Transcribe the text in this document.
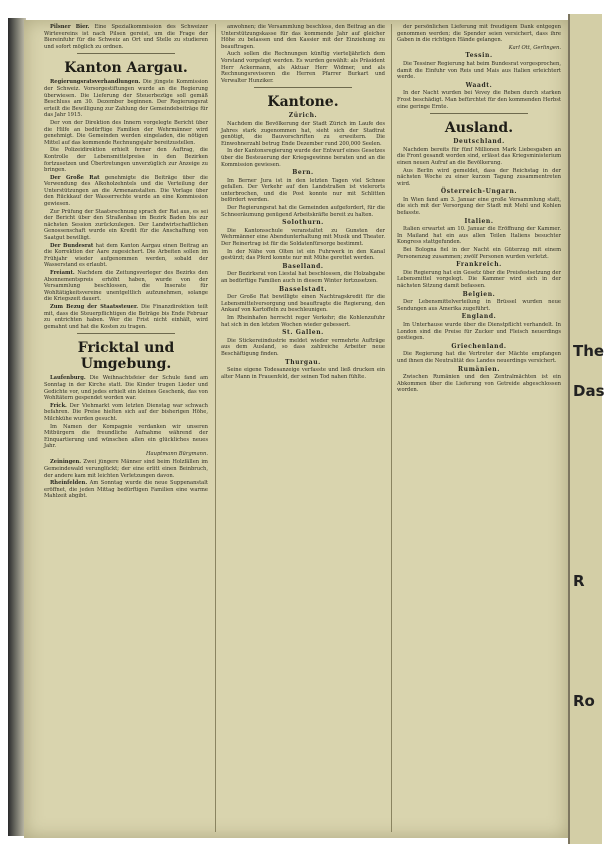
Pilsner Bier. Eine Spezialkommission des Schweizer Wirtevereins ist nach Pilsen gereist, um die Frage der Biereinfuhr für die Schweiz an Ort und Stelle zu studieren und sofort möglich zu ordnen.

Kanton Aargau.

Regierungsratsverhandlungen. Die jüngste Kommission der Schweiz. Vorsorgestiftungen wurde an die Regierung überwiesen. Die Lieferung der Steuerbezüge soll gemäß Beschluss am 30. Dezember beginnen. Der Regierungsrat erteilt die Bewilligung zur Zahlung der Gemeindebeiträge für das Jahr 1915.

Der von der Direktion des Innern vorgelegte Bericht über die Hilfe an bedürftige Familien der Wehrmänner wird genehmigt. Die Gemeinden werden eingeladen, die nötigen Mittel auf das kommende Rechnungsjahr bereitzustellen.

Die Polizeidirektion erhielt ferner den Auftrag, die Kontrolle der Lebensmittelpreise in den Bezirken fortzusetzen und Übertretungen unverzüglich zur Anzeige zu bringen.

Der Große Rat genehmigte die Beiträge über die Verwendung des Alkoholzehntels und die Verteilung der Unterstützungen an die Armenanstalten. Die Vorlage über den Rückkauf der Wasserrechte wurde an eine Kommission gewiesen.

Zur Prüfung der Staatsrechnung sprach der Rat aus, es sei der Bericht über den Straßenbau im Bezirk Baden bis zur nächsten Session zurückzulegen. Der Landwirtschaftlichen Genossenschaft wurde ein Kredit für die Anschaffung von Saatgut bewilligt.

Der Bundesrat hat dem Kanton Aargau einen Beitrag an die Korrektion der Aare zugesichert. Die Arbeiten sollen im Frühjahr wieder aufgenommen werden, sobald der Wasserstand es erlaubt.

Freiamt. Nachdem die Zeitungsverleger des Bezirks den Abonnementspreis erhöht haben, wurde von der Versammlung beschlossen, die Inserate für Wohltätigkeitsvereine unentgeltlich aufzunehmen, solange die Kriegszeit dauert.

Zum Bezug der Staatssteuer. Die Finanzdirektion teilt mit, dass die Steuerpflichtigen die Beträge bis Ende Februar zu entrichten haben. Wer die Frist nicht einhält, wird gemahnt und hat die Kosten zu tragen.

Fricktal und Umgebung.

Laufenburg. Die Weihnachtsfeier der Schule fand am Sonntag in der Kirche statt. Die Kinder trugen Lieder und Gedichte vor, und jedes erhielt ein kleines Geschenk, das von Wohltätern gespendet worden war.

Frick. Der Viehmarkt vom letzten Dienstag war schwach befahren. Die Preise hielten sich auf der bisherigen Höhe, Milchkühe wurden gesucht.

Im Namen der Kompagnie verdanken wir unseren Mitbürgern die freundliche Aufnahme während der Einquartierung und wünschen allen ein glückliches neues Jahr.

Hauptmann Bürgmann.

Zeiningen. Zwei jüngere Männer sind beim Holzfällen im Gemeindewald verunglückt; der eine erlitt einen Beinbruch, der andere kam mit leichten Verletzungen davon.

Rheinfelden. Am Sonntag wurde die neue Suppenanstalt eröffnet, die jeden Mittag bedürftigen Familien eine warme Mahlzeit abgibt.

anwohnen; die Versammlung beschloss, den Beitrag an die Unterstützungskasse für das kommende Jahr auf gleicher Höhe zu belassen und den Kassier mit der Einziehung zu beauftragen.

Auch sollen die Rechnungen künftig vierteljährlich dem Vorstand vorgelegt werden. Es wurden gewählt: als Präsident Herr Ackermann, als Aktuar Herr Widmer, und als Rechnungsrevisoren die Herren Pfarrer Burkart und Verwalter Hunziker.

Kantone.
Zürich.

Nachdem die Bevölkerung der Stadt Zürich im Laufe des Jahres stark zugenommen hat, sieht sich der Stadtrat genötigt, die Bauvorschriften zu erweitern. Die Einwohnerzahl betrug Ende Dezember rund 200,000 Seelen.

In der Kantonsregierung wurde der Entwurf eines Gesetzes über die Besteuerung der Kriegsgewinne beraten und an die Kommission gewiesen.

Bern.

Im Berner Jura ist in den letzten Tagen viel Schnee gefallen. Der Verkehr auf den Landstraßen ist vielerorts unterbrochen, und die Post konnte nur mit Schlitten befördert werden.

Der Regierungsrat hat die Gemeinden aufgefordert, für die Schneeräumung genügend Arbeitskräfte bereit zu halten.

Solothurn.

Die Kantonsschule veranstaltet zu Gunsten der Wehrmänner eine Abendunterhaltung mit Musik und Theater. Der Reinertrag ist für die Soldatenfürsorge bestimmt.

In der Nähe von Olten ist ein Fuhrwerk in den Kanal gestürzt; das Pferd konnte nur mit Mühe gerettet werden.

Baselland.

Der Bezirksrat von Liestal hat beschlossen, die Holzabgabe an bedürftige Familien auch in diesem Winter fortzusetzen.

Basselstadt.

Der Große Rat bewilligte einen Nachtragskredit für die Lebensmittelversorgung und beauftragte die Regierung, den Ankauf von Kartoffeln zu beschleunigen.

Im Rheinhafen herrscht reger Verkehr; die Kohlenzufuhr hat sich in den letzten Wochen wieder gebessert.

St. Gallen.

Die Stickereiindustrie meldet wieder vermehrte Aufträge aus dem Ausland, so dass zahlreiche Arbeiter neue Beschäftigung finden.

Thurgau.

Seine eigene Todesanzeige verfasste und ließ drucken ein alter Mann in Frauenfeld, der seinen Tod nahen fühlte.

der persönlichen Lieferung mit freudigem Dank entgegen genommen werden; die Spender seien versichert, dass ihre Gaben in die richtigen Hände gelangen.

Karl Ott, Gerlingen.
Tessin.

Die Tessiner Regierung hat beim Bundesrat vorgesprochen, damit die Einfuhr von Reis und Mais aus Italien erleichtert werde.

Waadt.

In der Nacht wurden bei Vevey die Reben durch starken Frost beschädigt. Man befürchtet für den kommenden Herbst eine geringe Ernte.

Ausland.
Deutschland.

Nachdem bereits für fünf Millionen Mark Liebesgaben an die Front gesandt worden sind, erlässt das Kriegsministerium einen neuen Aufruf an die Bevölkerung.

Aus Berlin wird gemeldet, dass der Reichstag in der nächsten Woche zu einer kurzen Tagung zusammentreten wird.

Österreich-Ungarn.

In Wien fand am 3. Januar eine große Versammlung statt, die sich mit der Versorgung der Stadt mit Mehl und Kohlen befasste.

Italien.

Italien erwartet am 10. Januar die Eröffnung der Kammer. In Mailand hat ein aus allen Teilen Italiens besuchter Kongress stattgefunden.

Bei Bologna fiel in der Nacht ein Güterzug mit einem Personenzug zusammen; zwölf Personen wurden verletzt.

Frankreich.

Die Regierung hat ein Gesetz über die Preisfestsetzung der Lebensmittel vorgelegt. Die Kammer wird sich in der nächsten Sitzung damit befassen.

Belgien.

Der Lebensmittelverteilung in Brüssel wurden neue Sendungen aus Amerika zugeführt.

England.

Im Unterhause wurde über die Dienstpflicht verhandelt. In London sind die Preise für Zucker und Fleisch neuerdings gestiegen.

Griechenland.

Die Regierung hat die Vertreter der Mächte empfangen und ihnen die Neutralität des Landes neuerdings versichert.

Rumänien.

Zwischen Rumänien und den Zentralmächten ist ein Abkommen über die Lieferung von Getreide abgeschlossen worden.

The
Das
R
Ro
